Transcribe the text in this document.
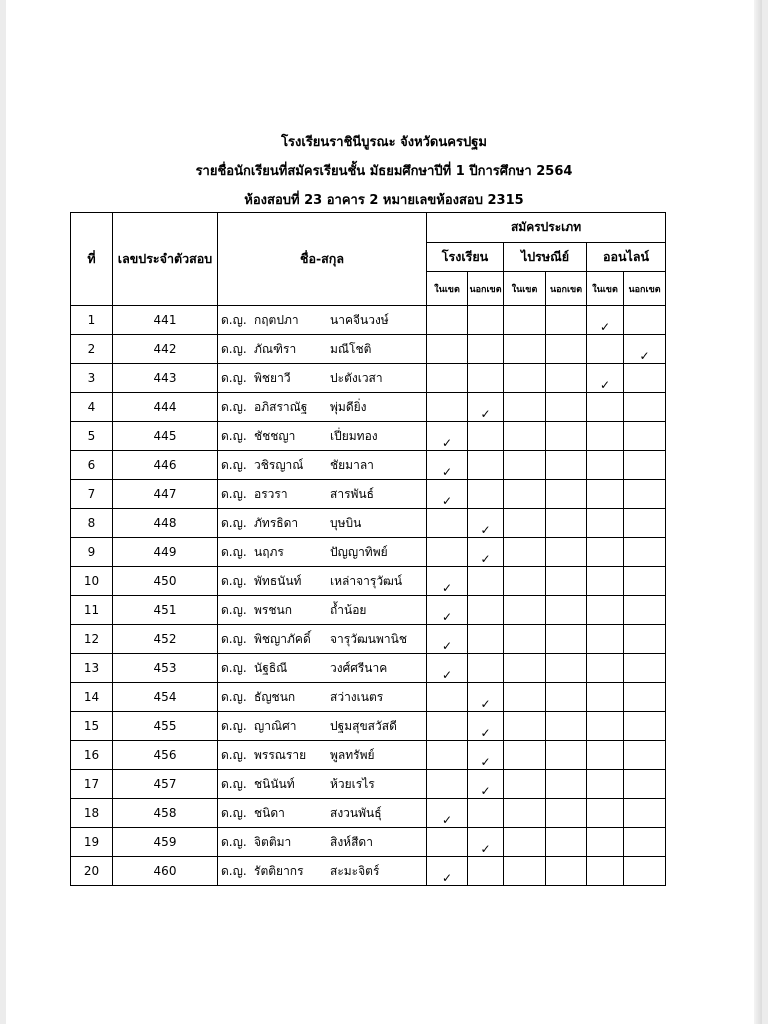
โรงเรียนราชินีบูรณะ จังหวัดนครปฐม
รายชื่อนักเรียนที่สมัครเรียนชั้น มัธยมศึกษาปีที่ 1 ปีการศึกษา 2564
ห้องสอบที่ 23 อาคาร 2 หมายเลขห้องสอบ 2315
ที่	เลขประจำตัวสอบ	ชื่อ-สกุล	สมัครประเภท					
			โรงเรียน		ไปรษณีย์		ออนไลน์	
			ในเขต	นอกเขต	ในเขต	นอกเขต	ในเขต	นอกเขต
1	441	ด.ญ. กฤตปภา นาคจีนวงษ์					✓	
2	442	ด.ญ. ภัณฑิรา มณีโชติ						✓
3	443	ด.ญ. พิชยาวี ปะตังเวสา					✓	
4	444	ด.ญ. อภิสราณัฐ พุ่มดียิ่ง		✓				
5	445	ด.ญ. ชัชชญา เปี่ยมทอง	✓					
6	446	ด.ญ. วชิรญาณ์ ชัยมาลา	✓					
7	447	ด.ญ. อรวรา สารพันธ์	✓					
8	448	ด.ญ. ภัทรธิดา บุษบิน		✓				
9	449	ด.ญ. นฤภร ปัญญาทิพย์		✓				
10	450	ด.ญ. พัทธนันท์ เหล่าจารุวัฒน์	✓					
11	451	ด.ญ. พรชนก ถ้ำน้อย	✓					
12	452	ด.ญ. พิชญาภัคดิ์ จารุวัฒนพานิช	✓					
13	453	ด.ญ. นัฐธิณี วงศ์ศรีนาค	✓					
14	454	ด.ญ. ธัญชนก สว่างเนตร		✓				
15	455	ด.ญ. ญาณิศา ปฐมสุขสวัสดี		✓				
16	456	ด.ญ. พรรณราย พูลทรัพย์		✓				
17	457	ด.ญ. ชนินันท์ ห้วยเรไร		✓				
18	458	ด.ญ. ชนิดา สงวนพันธุ์	✓					
19	459	ด.ญ. จิตติมา สิงห์สีดา		✓				
20	460	ด.ญ. รัตติยากร สะมะจิตร์	✓					
